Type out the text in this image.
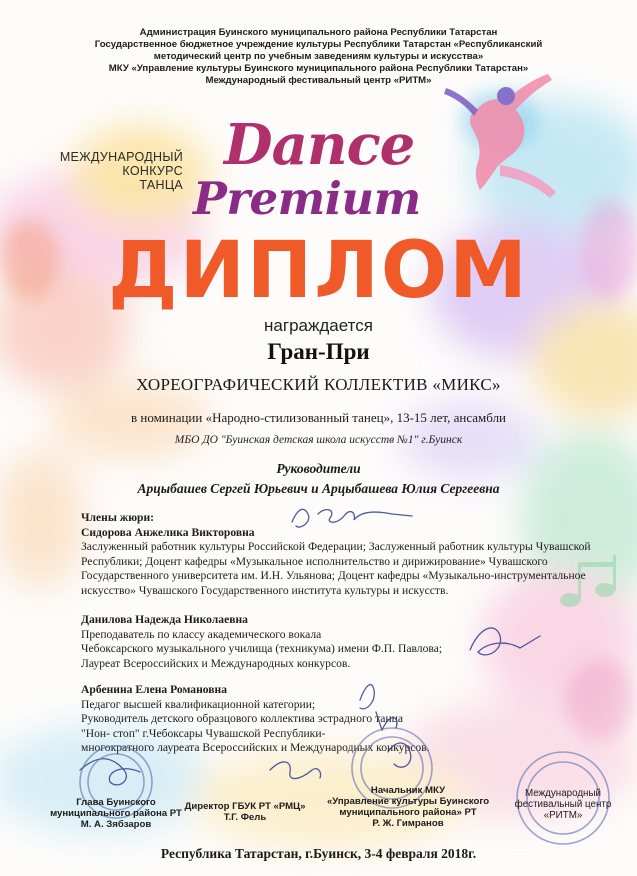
Администрация Буинского муниципального района Республики Татарстан
Государственное бюджетное учреждение культуры Республики Татарстан «Республиканский
методический центр по учебным заведениям культуры и искусства»
МКУ «Управление культуры Буинского муниципального района Республики Татарстан»
Международный фестивальный центр «РИТМ»
МЕЖДУНАРОДНЫЙ
КОНКУРС
ТАНЦА
Dance
Premium
ДИПЛОМ
награждается
Гран-При
ХОРЕОГРАФИЧЕСКИЙ КОЛЛЕКТИВ «МИКС»
в номинации «Народно-стилизованный танец», 13-15 лет, ансамбли
МБО ДО "Буинская детская школа искусств №1" г.Буинск
Руководители
Арцыбашев Сергей Юрьевич и Арцыбашева Юлия Сергеевна
Члены жюри:
Сидорова Анжелика Викторовна
Заслуженный работник культуры Российской Федерации; Заслуженный работник культуры Чувашской
Республики; Доцент кафедры «Музыкальное исполнительство и дирижирование» Чувашского
Государственного университета им. И.Н. Ульянова; Доцент кафедры «Музыкально-инструментальное
искусство» Чувашского Государственного института культуры и искусств.
Данилова Надежда Николаевна
Преподаватель по классу академического вокала
Чебоксарского музыкального училища (техникума) имени Ф.П. Павлова;
Лауреат Всероссийских и Международных конкурсов.
Арбенина Елена Романовна
Педагог высшей квалификационной категории;
Руководитель детского образцового коллектива эстрадного танца
"Нон- стоп" г.Чебоксары Чувашской Республики-
многократного лауреата Всероссийских и Международных конкурсов.
Глава Буинского
муниципального района РТ
М. А. Зябзаров
Директор ГБУК РТ «РМЦ»
Т.Г. Фель
Начальник МКУ
«Управление культуры Буинского
муниципального района» РТ
Р. Ж. Гимранов
Международный
фестивальный центр
«РИТМ»
Республика Татарстан, г.Буинск, 3-4 февраля 2018г.
